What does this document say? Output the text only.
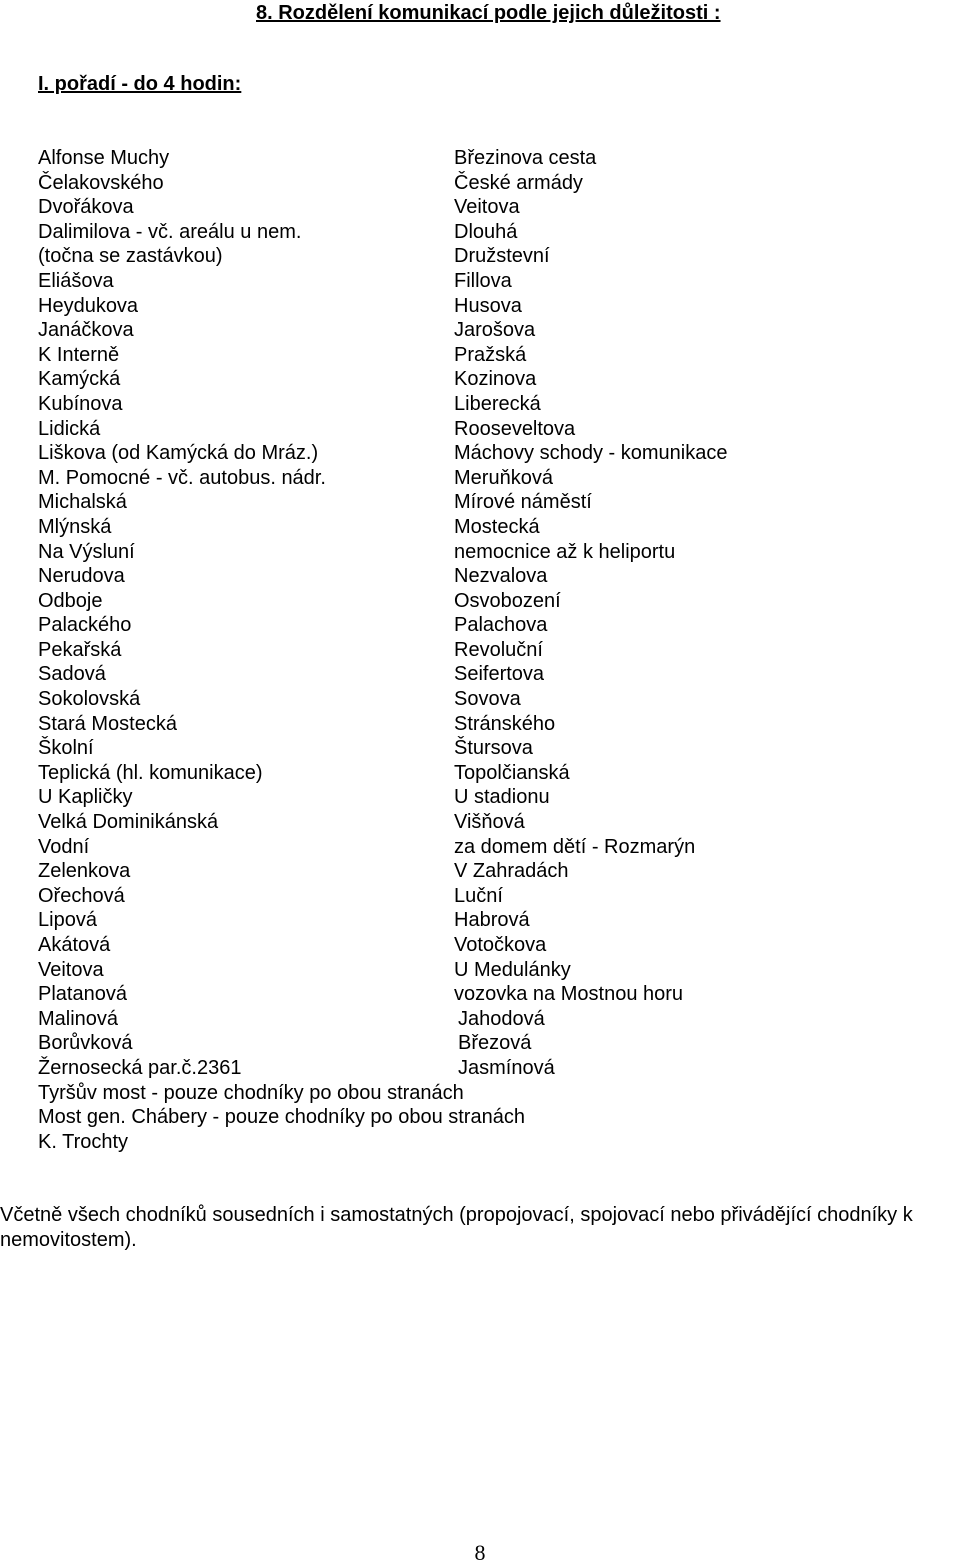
8. Rozdělení komunikací podle jejich důležitosti :
I. pořadí - do 4 hodin:
Alfonse Muchy
Čelakovského
Dvořákova
Dalimilova - vč. areálu u nem.
(točna se zastávkou)
Eliášova
Heydukova
Janáčkova
K Interně
Kamýcká
Kubínova
Lidická
Liškova (od Kamýcká do Mráz.)
M. Pomocné - vč. autobus. nádr.
Michalská
Mlýnská
Na Výsluní
Nerudova
Odboje
Palackého
Pekařská
Sadová
Sokolovská
Stará Mostecká
Školní
Teplická (hl. komunikace)
U Kapličky
Velká Dominikánská
Vodní
Zelenkova
Ořechová
Lipová
Akátová
Veitova
Platanová
Malinová
Borůvková
Žernosecká par.č.2361
Tyršův most - pouze chodníky po obou stranách
Most gen. Chábery - pouze chodníky po obou stranách
K. Trochty
Březinova cesta
České armády
Veitova
Dlouhá
Družstevní
Fillova
Husova
Jarošova
Pražská
Kozinova
Liberecká
Rooseveltova
Máchovy schody - komunikace
Meruňková
Mírové náměstí
Mostecká
nemocnice až k heliportu
Nezvalova
Osvobození
Palachova
Revoluční
Seifertova
Sovova
Stránského
Štursova
Topolčianská
U stadionu
Višňová
za domem dětí - Rozmarýn
V Zahradách
Luční
Habrová
Votočkova
U Medulánky
vozovka na Mostnou horu
Jahodová
Březová
Jasmínová
Včetně všech chodníků sousedních i samostatných (propojovací, spojovací nebo přivádějící chodníky k nemovitostem).
8
